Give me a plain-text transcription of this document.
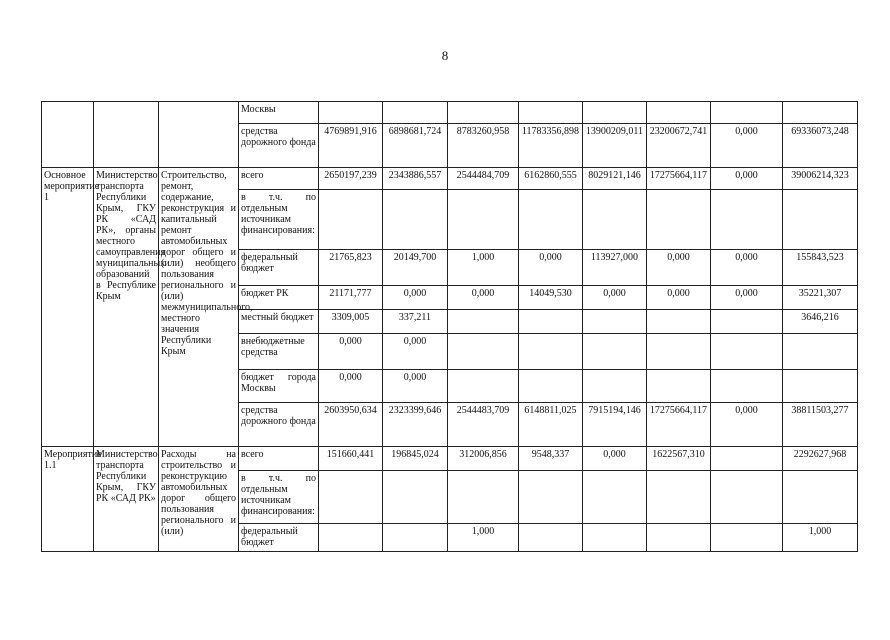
8

			Москвы								

			средства дорожного фонда	4769891,916	6898681,724	8783260,958	11783356,898	13900209,011	23200672,741	0,000	69336073,248
Основное мероприятие 1	Министерство транспорта Республики Крым, ГКУ РК «САД РК», органы местного самоуправления муниципальных образований в Республике Крым	Строительство, ремонт, содержание, реконструкция и капитальный ремонт автомобильных дорог общего и (или) необщего пользования регионального и (или) межмуниципального, местного значения Республики Крым	всего	2650197,239	2343886,557	2544484,709	6162860,555	8029121,146	17275664,117	0,000	39006214,323

			в т.ч. по отдельным источникам финансирования:								

			федеральный бюджет	21765,823	20149,700	1,000	0,000	113927,000	0,000	0,000	155843,523

			бюджет РК	21171,777	0,000	0,000	14049,530	0,000	0,000	0,000	35221,307

			местный бюджет	3309,005	337,211						3646,216

			внебюджетные средства	0,000	0,000						

			бюджет города Москвы	0,000	0,000						

			средства дорожного фонда	2603950,634	2323399,646	2544483,709	6148811,025	7915194,146	17275664,117	0,000	38811503,277
Мероприятие 1.1	Министерство транспорта Республики Крым, ГКУ РК «САД РК»	Расходы на строительство и реконструкцию автомобильных дорог общего пользования регионального и (или)	всего	151660,441	196845,024	312006,856	9548,337	0,000	1622567,310		2292627,968

			в т.ч. по отдельным источникам финансирования:								

			федеральный бюджет			1,000					1,000
